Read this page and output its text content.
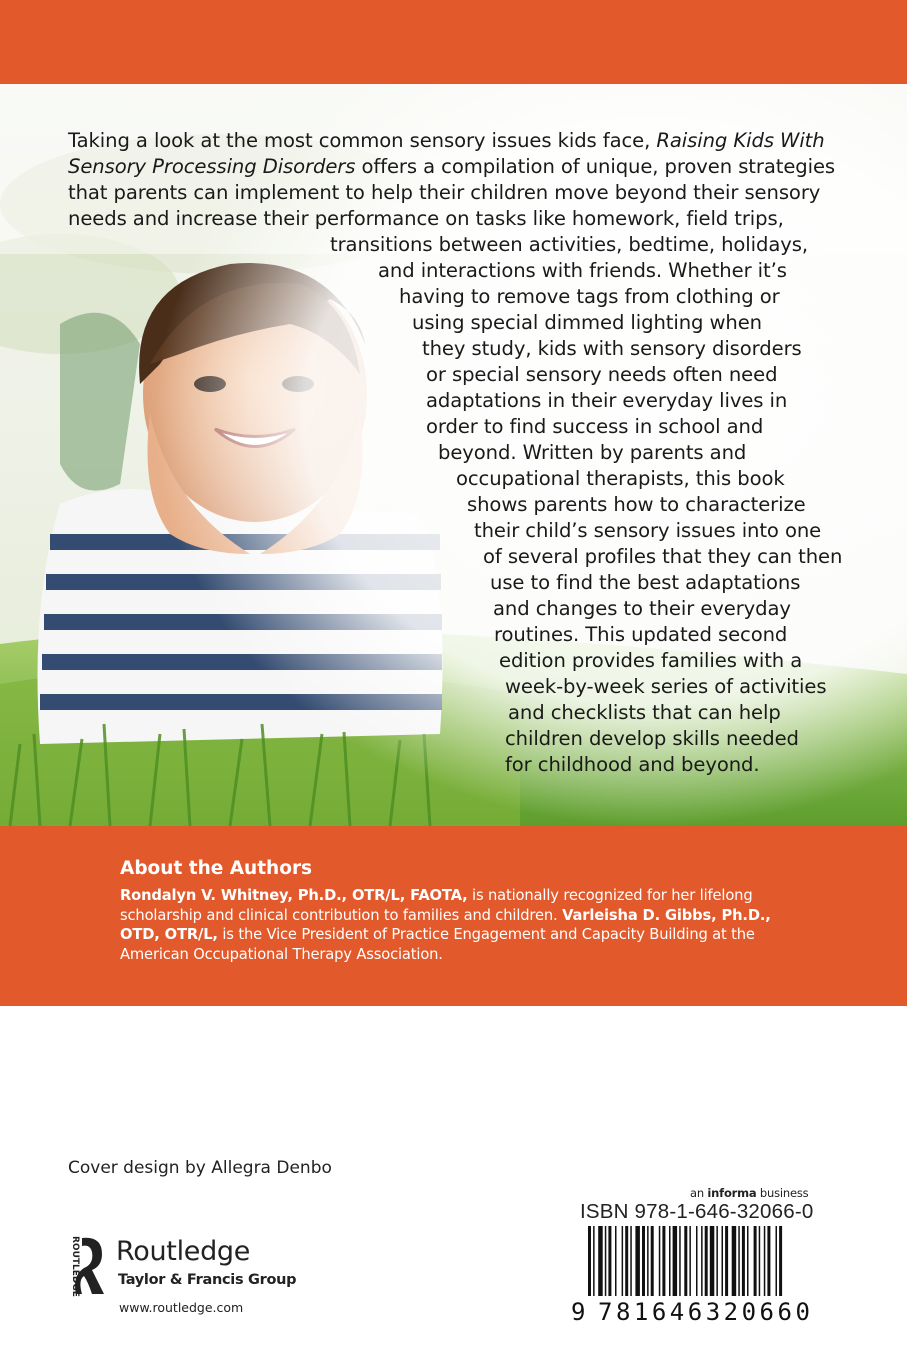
Taking a look at the most common sensory issues kids face, Raising Kids With
Sensory Processing Disorders offers a compilation of unique, proven strategies
that parents can implement to help their children move beyond their sensory
needs and increase their performance on tasks like homework, field trips,
transitions between activities, bedtime, holidays,
and interactions with friends. Whether it’s
having to remove tags from clothing or
using special dimmed lighting when
they study, kids with sensory disorders
or special sensory needs often need
adaptations in their everyday lives in
order to find success in school and
beyond. Written by parents and
occupational therapists, this book
shows parents how to characterize
their child’s sensory issues into one
of several profiles that they can then
use to find the best adaptations
and changes to their everyday
routines. This updated second
edition provides families with a
week-by-week series of activities
and checklists that can help
children develop skills needed
for childhood and beyond.
About the Authors
Rondalyn V. Whitney, Ph.D., OTR/L, FAOTA, is nationally recognized for her lifelong scholarship and clinical contribution to families and children. Varleisha D. Gibbs, Ph.D., OTD, OTR/L, is the Vice President of Practice Engagement and Capacity Building at the American Occupational Therapy Association.
Cover design by Allegra Denbo
ROUTLEDGE Routledge
Taylor & Francis Group
www.routledge.com
an informa business
ISBN 978-1-646-32066-0
9 781646320660
